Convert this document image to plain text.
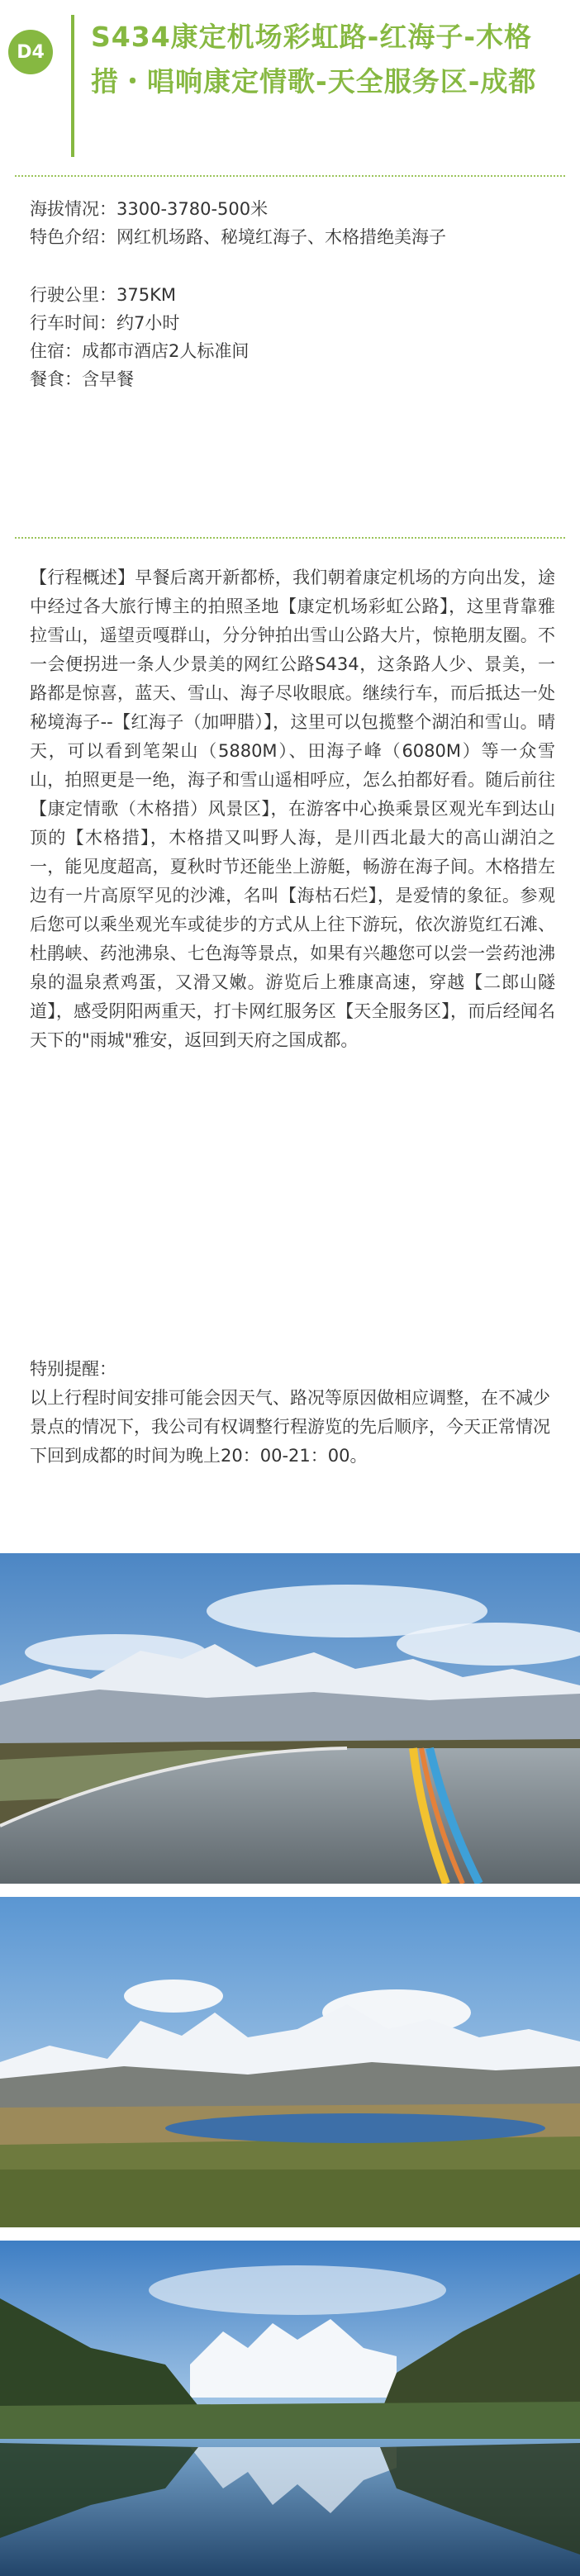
D4	S434康定机场彩虹路-红海子-木格措・唱响康定情歌-天全服务区-成都

海拔情况：3300-3780-500米

特色介绍：网红机场路、秘境红海子、木格措绝美海子

行驶公里：375KM

行车时间：约7小时

住宿：成都市酒店2人标准间

餐食：含早餐

【行程概述】早餐后离开新都桥，我们朝着康定机场的方向出发，途中经过各大旅行博主的拍照圣地【康定机场彩虹公路】，这里背靠雅拉雪山，遥望贡嘎群山，分分钟拍出雪山公路大片，惊艳朋友圈。不一会便拐进一条人少景美的网红公路S434，这条路人少、景美，一路都是惊喜，蓝天、雪山、海子尽收眼底。继续行车，而后抵达一处秘境海子--【红海子（加呷腊）】，这里可以包揽整个湖泊和雪山。晴天，可以看到笔架山（5880M）、田海子峰（6080M）等一众雪山，拍照更是一绝，海子和雪山遥相呼应，怎么拍都好看。随后前往【康定情歌（木格措）风景区】，在游客中心换乘景区观光车到达山顶的【木格措】，木格措又叫野人海，是川西北最大的高山湖泊之一，能见度超高，夏秋时节还能坐上游艇，畅游在海子间。木格措左边有一片高原罕见的沙滩，名叫【海枯石烂】，是爱情的象征。参观后您可以乘坐观光车或徒步的方式从上往下游玩，依次游览红石滩、杜鹃峡、药池沸泉、七色海等景点，如果有兴趣您可以尝一尝药池沸泉的温泉煮鸡蛋，又滑又嫩。游览后上雅康高速，穿越【二郎山隧道】，感受阴阳两重天，打卡网红服务区【天全服务区】，而后经闻名天下的"雨城"雅安，返回到天府之国成都。

特别提醒：

以上行程时间安排可能会因天气、路况等原因做相应调整，在不减少景点的情况下，我公司有权调整行程游览的先后顺序，今天正常情况下回到成都的时间为晚上20：00-21：00。
